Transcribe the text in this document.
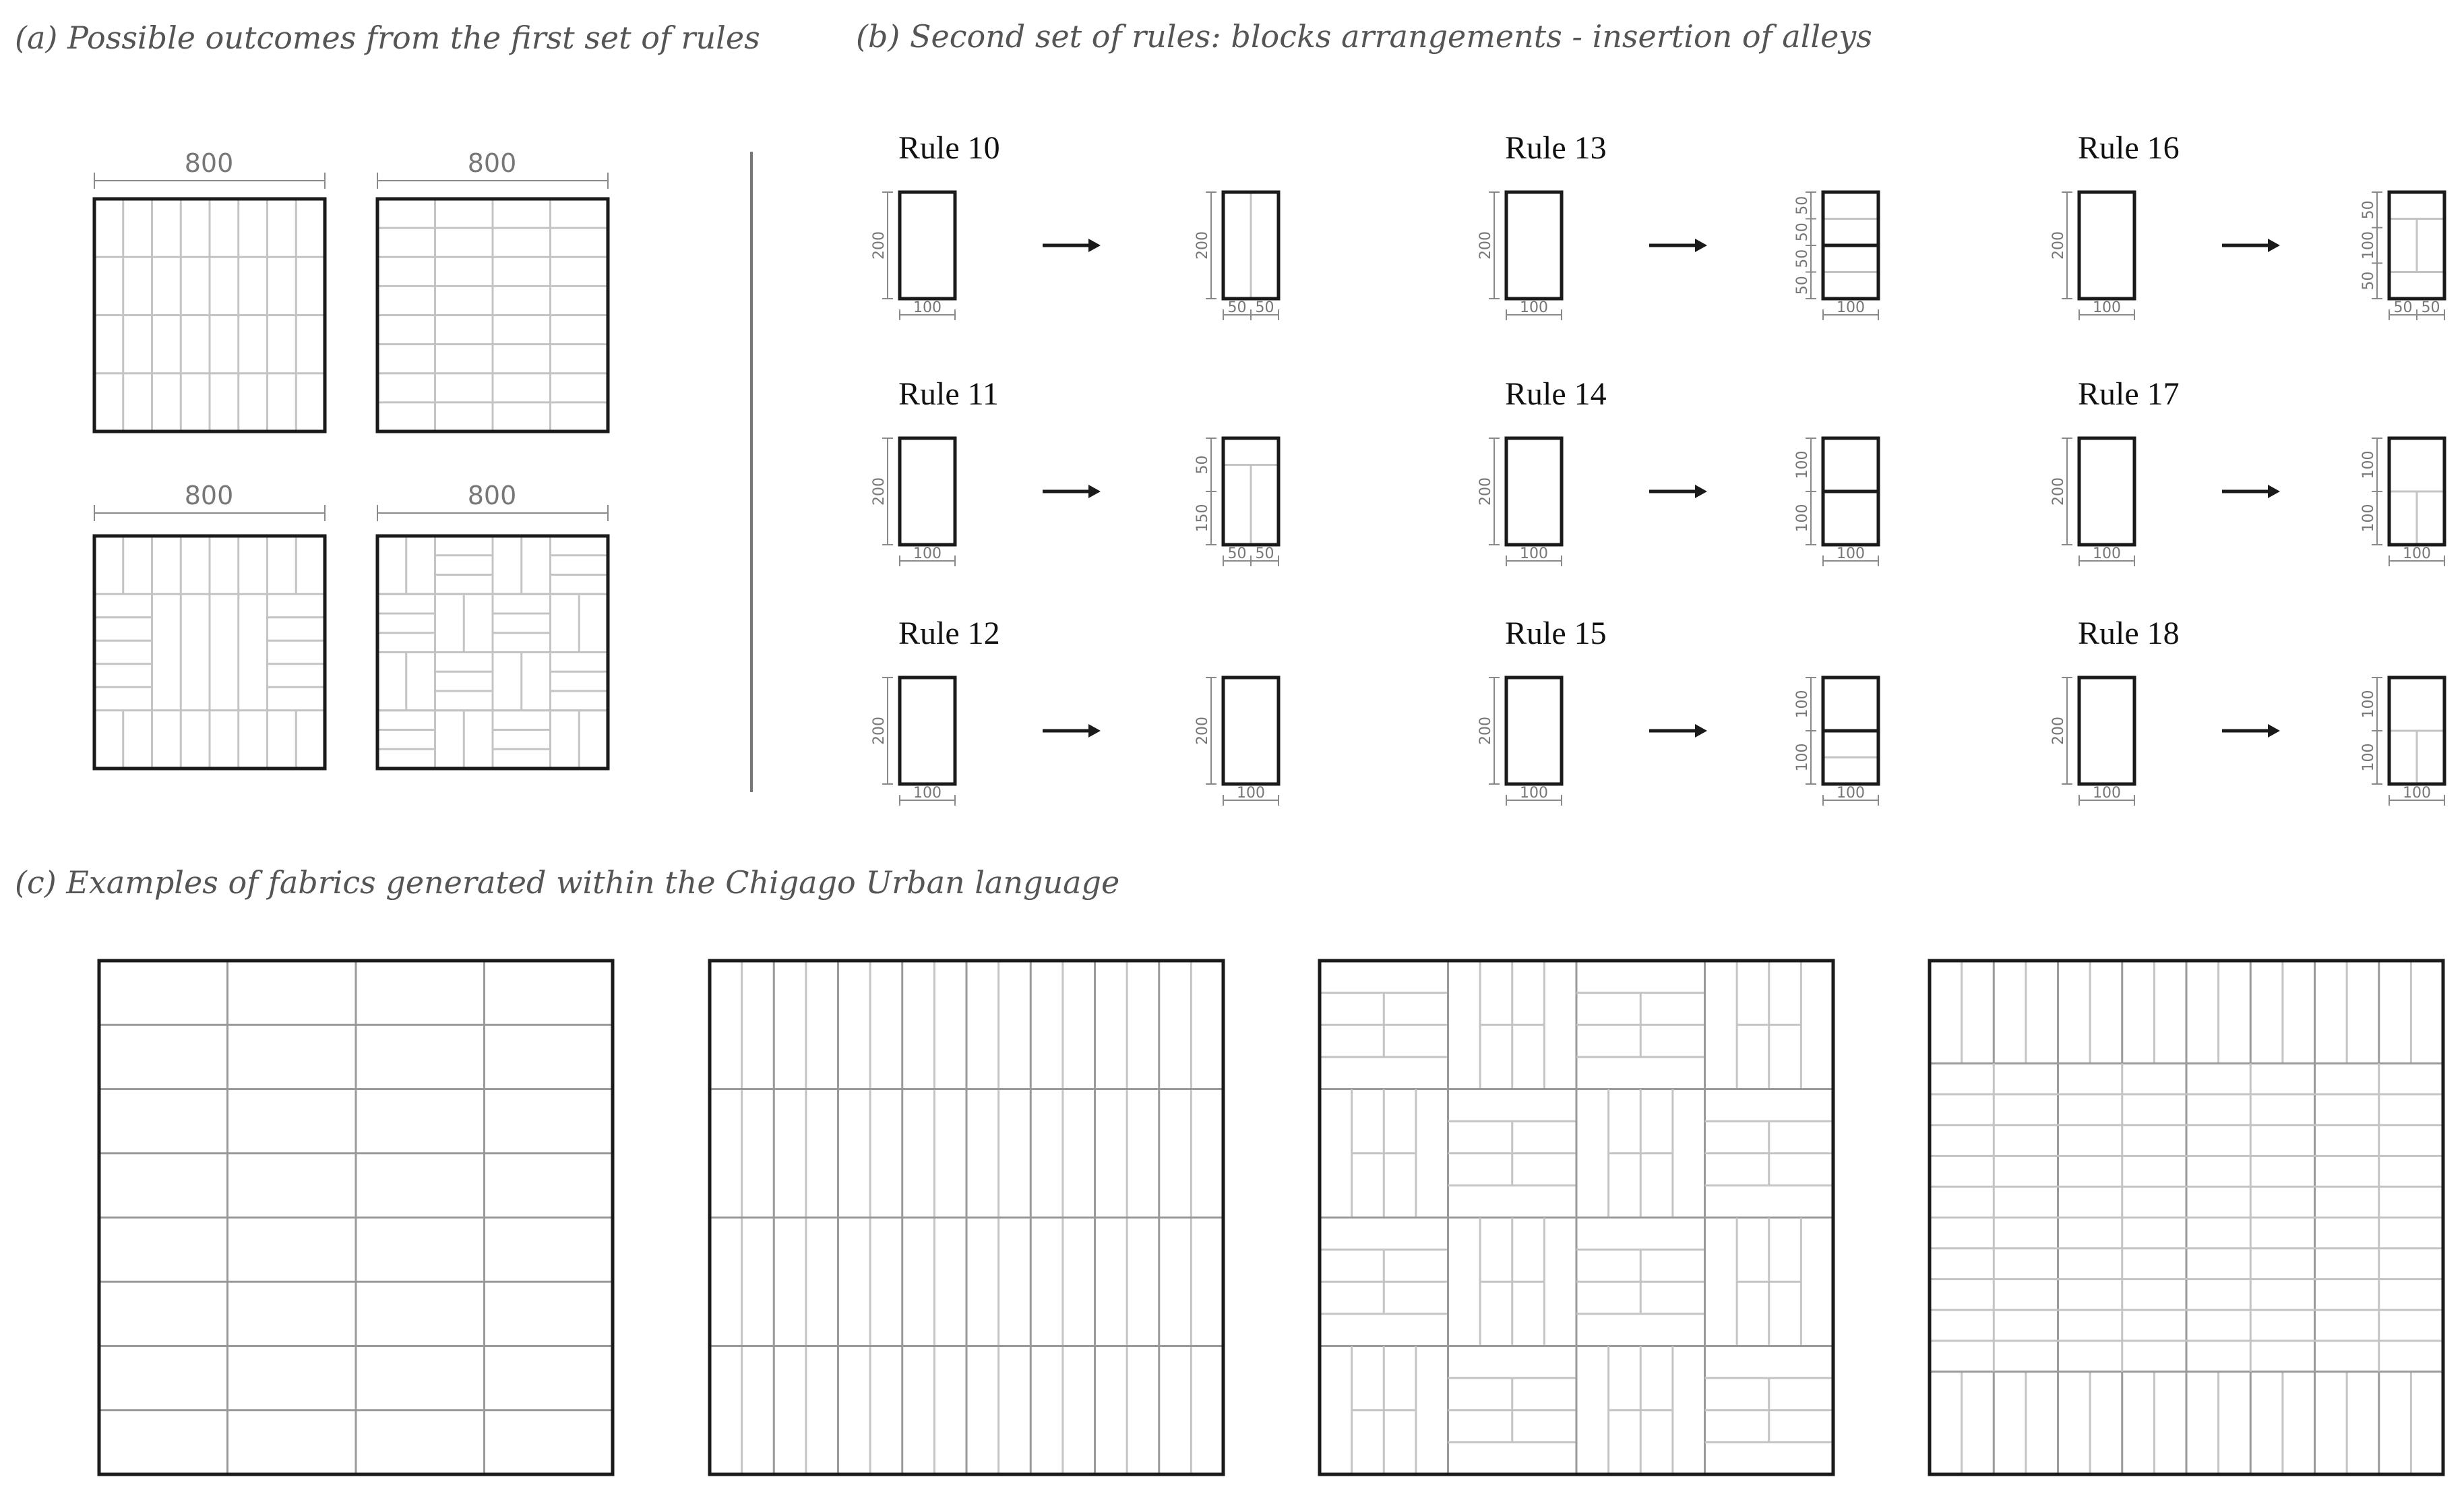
(a) Possible outcomes from the first set of rules	(b) Second set of rules: blocks arrangements - insertion of alleys
(c) Examples of fabrics generated within the Chigago Urban language
800	800
800	800
Rule 10
200
100
200
50 50
Rule 11
200
100
50
150
50 50
Rule 12
200
100
200
100
Rule 13
200
100
50
50
50
50
100
Rule 14
200
100
100
100
100
Rule 15
200
100
100
100
100
Rule 16
200
100
50
100
50
50 50
Rule 17
200
100
100
100
100
Rule 18
200
100
100
100
100
